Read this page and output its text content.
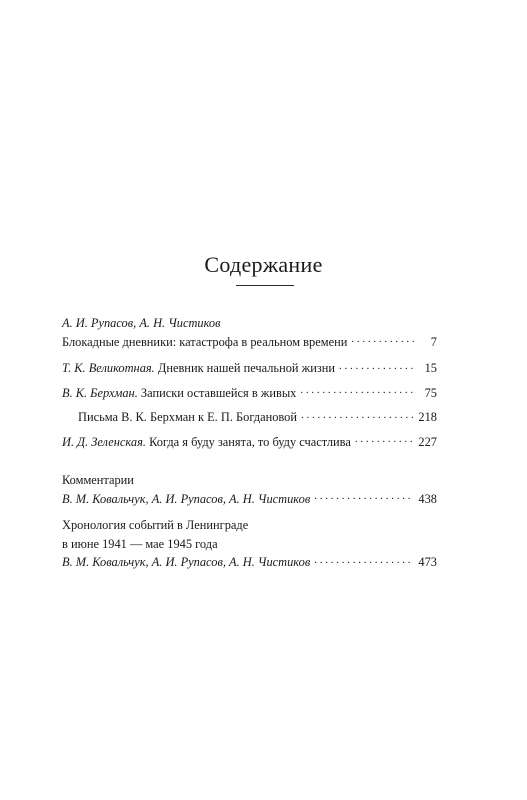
Содержание
А. И. Рупасов, А. Н. Чистиков
Блокадные дневники: катастрофа в реальном времени . . .	7
Т. К. Великотная.
Дневник нашей печальной жизни . . .	15
В. К. Берхман.
Записки оставшейся в живых . . .	75
Письма В. К. Берхман к Е. П. Богдановой . . .	218
И. Д. Зеленская.
Когда я буду занята, то буду счастлива . . .	227
Комментарии
В. М. Ковальчук, А. И. Рупасов, А. Н. Чистиков . . .	438
Хронология событий в Ленинграде
в июне 1941 — мае 1945 года
В. М. Ковальчук, А. И. Рупасов, А. Н. Чистиков . . .	473
